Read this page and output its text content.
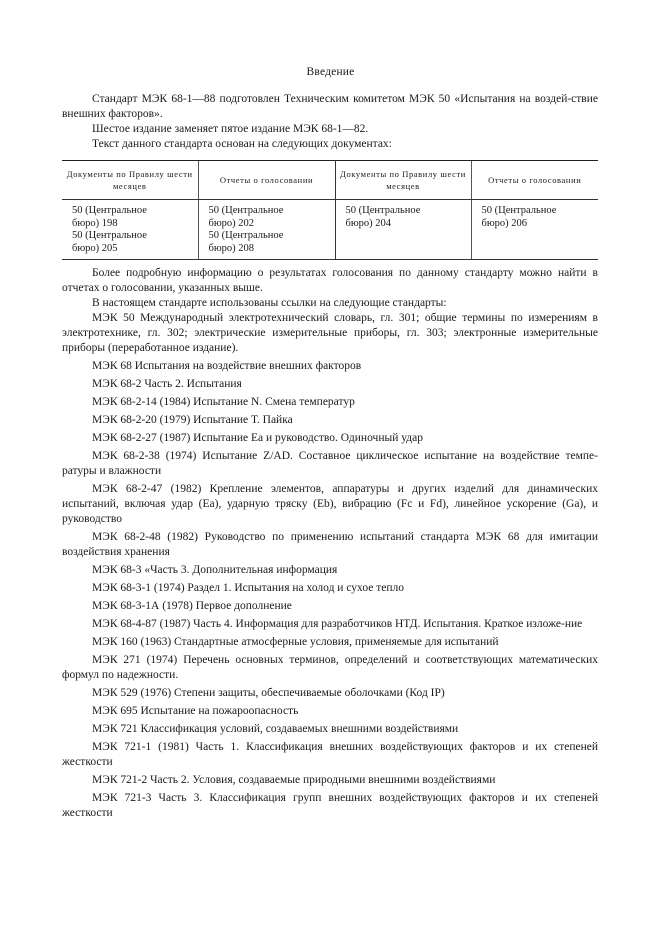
Введение

Стандарт МЭК 68-1—88 подготовлен Техническим комитетом МЭК 50 «Испытания на воздей-ствие внешних факторов».

Шестое издание заменяет пятое издание МЭК 68-1—82.

Текст данного стандарта основан на следующих документах:

Документы по Правилу шести месяцев	Отчеты о голосовании	Документы по Правилу шести месяцев	Отчеты о голосовании
50 (Центральное
бюро) 198
50 (Центральное
бюро) 205	50 (Центральное
бюро) 202
50 (Центральное
бюро) 208	50 (Центральное
бюро) 204	50 (Центральное
бюро) 206

Более подробную информацию о результатах голосования по данному стандарту можно найти в отчетах о голосовании, указанных выше.

В настоящем стандарте использованы ссылки на следующие стандарты:

МЭК 50 Международный электротехнический словарь, гл. 301; общие термины по измерениям в электротехнике, гл. 302; электрические измерительные приборы, гл. 303; электронные измерительные приборы (переработанное издание).

МЭК 68 Испытания на воздействие внешних факторов

МЭК 68-2 Часть 2. Испытания

МЭК 68-2-14 (1984) Испытание N. Смена температур

МЭК 68-2-20 (1979) Испытание Т. Пайка

МЭК 68-2-27 (1987) Испытание Еа и руководство. Одиночный удар

МЭК 68-2-38 (1974) Испытание Z/AD. Составное циклическое испытание на воздействие темпе-ратуры и влажности

МЭК 68-2-47 (1982) Крепление элементов, аппаратуры и других изделий для динамических испытаний, включая удар (Еа), ударную тряску (Eb), вибрацию (Fc и Fd), линейное ускорение (Ga), и руководство

МЭК 68-2-48 (1982) Руководство по применению испытаний стандарта МЭК 68 для имитации воздействия хранения

МЭК 68-3 «Часть 3. Дополнительная информация

МЭК 68-3-1 (1974) Раздел 1. Испытания на холод и сухое тепло

МЭК 68-3-1А (1978) Первое дополнение

МЭК 68-4-87 (1987) Часть 4. Информация для разработчиков НТД. Испытания. Краткое изложе-ние

МЭК 160 (1963) Стандартные атмосферные условия, применяемые для испытаний

МЭК 271 (1974) Перечень основных терминов, определений и соответствующих математических формул по надежности.

МЭК 529 (1976) Степени защиты, обеспечиваемые оболочками (Код IP)

МЭК 695 Испытание на пожароопасность

МЭК 721 Классификация условий, создаваемых внешними воздействиями

МЭК 721-1 (1981) Часть 1. Классификация внешних воздействующих факторов и их степеней жесткости

МЭК 721-2 Часть 2. Условия, создаваемые природными внешними воздействиями

МЭК 721-3 Часть 3. Классификация групп внешних воздействующих факторов и их степеней жесткости
